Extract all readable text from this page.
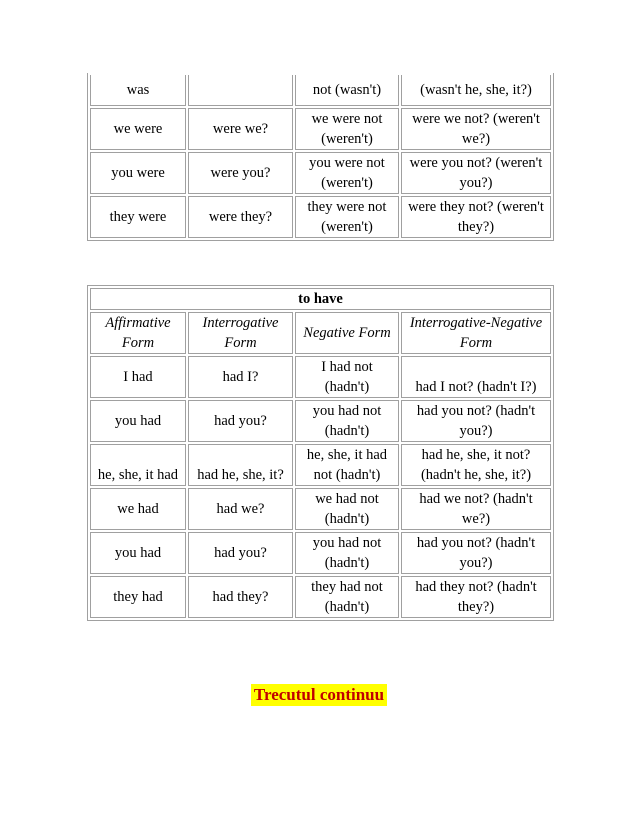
was		not (wasn't)	(wasn't he, she, it?)
we were	were we?	we were not (weren't)	were we not? (weren't we?)
you were	were you?	you were not (weren't)	were you not? (weren't you?)
they were	were they?	they were not (weren't)	were they not? (weren't they?)
to have			
Affirmative Form	Interrogative Form	Negative Form	Interrogative-Negative Form
I had	had I?	I had not (hadn't)	had I not? (hadn't I?)
you had	had you?	you had not (hadn't)	had you not? (hadn't you?)
he, she, it had	had he, she, it?	he, she, it had not (hadn't)	had he, she, it not? (hadn't he, she, it?)
we had	had we?	we had not (hadn't)	had we not? (hadn't we?)
you had	had you?	you had not (hadn't)	had you not? (hadn't you?)
they had	had they?	they had not (hadn't)	had they not? (hadn't they?)
Trecutul continuu
